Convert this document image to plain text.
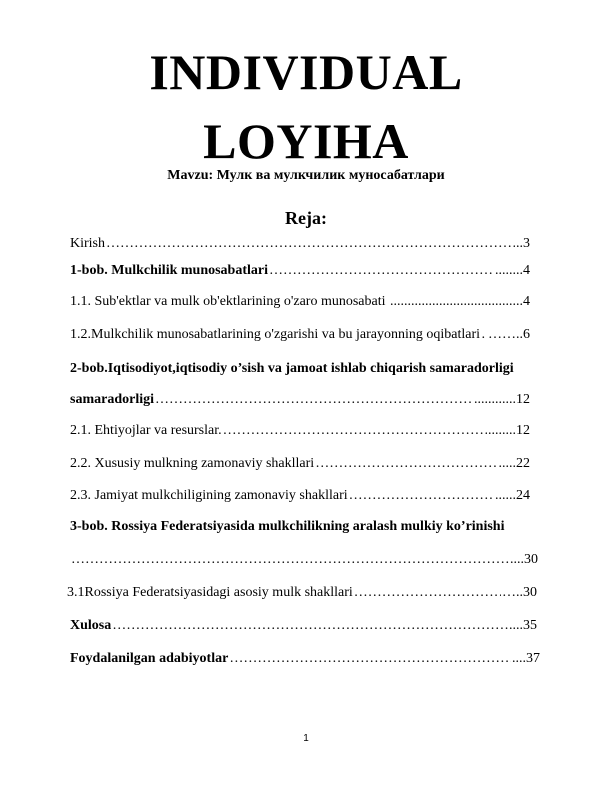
INDIVIDUAL
LOYIHA
Mavzu: Мулк ва мулкчилик муносабатлари
Reja:
Kirish ……………………………………………………………………………………………………………………………………………………………………	..3
1-bob. Mulkchilik munosabatlari ……………………………………………………………………………………………………………………………………………………………………	........4
1.1. Sub'ektlar va mulk ob'ektlarining o'zaro munosabati ......................................4
1.2.Mulkchilik munosabatlarining o'zgarishi va bu jarayonning oqibatlari …………………………………………………………………………………………………………………………………………………………………… ……..6
2-bob.Iqtisodiyot,iqtisodiy o’sish va jamoat ishlab chiqarish samaradorligi
samaradorligi ……………………………………………………………………………………………………………………………………………………………………	............12
2.1. Ehtiyojlar va resurslar. ……………………………………………………………………………………………………………………………………………………………………	........12
2.2. Xususiy mulkning zamonaviy shakllari ……………………………………………………………………………………………………………………………………………………………………	.....22
2.3. Jamiyat mulkchiligining zamonaviy shakllari ……………………………………………………………………………………………………………………………………………………………………	......24
3-bob. Rossiya Federatsiyasida mulkchilikning aralash mulkiy ko’rinishi
……………………………………………………………………………………………………………………………………………………………………
....30
3.1Rossiya Federatsiyasidagi asosiy mulk shakllari ……………………………………………………………………………………………………………………………………………………………………	…..30
Xulosa ……………………………………………………………………………………………………………………………………………………………………	....35
Foydalanilgan adabiyotlar ……………………………………………………………………………………………………………………………………………………………………	....37
1
